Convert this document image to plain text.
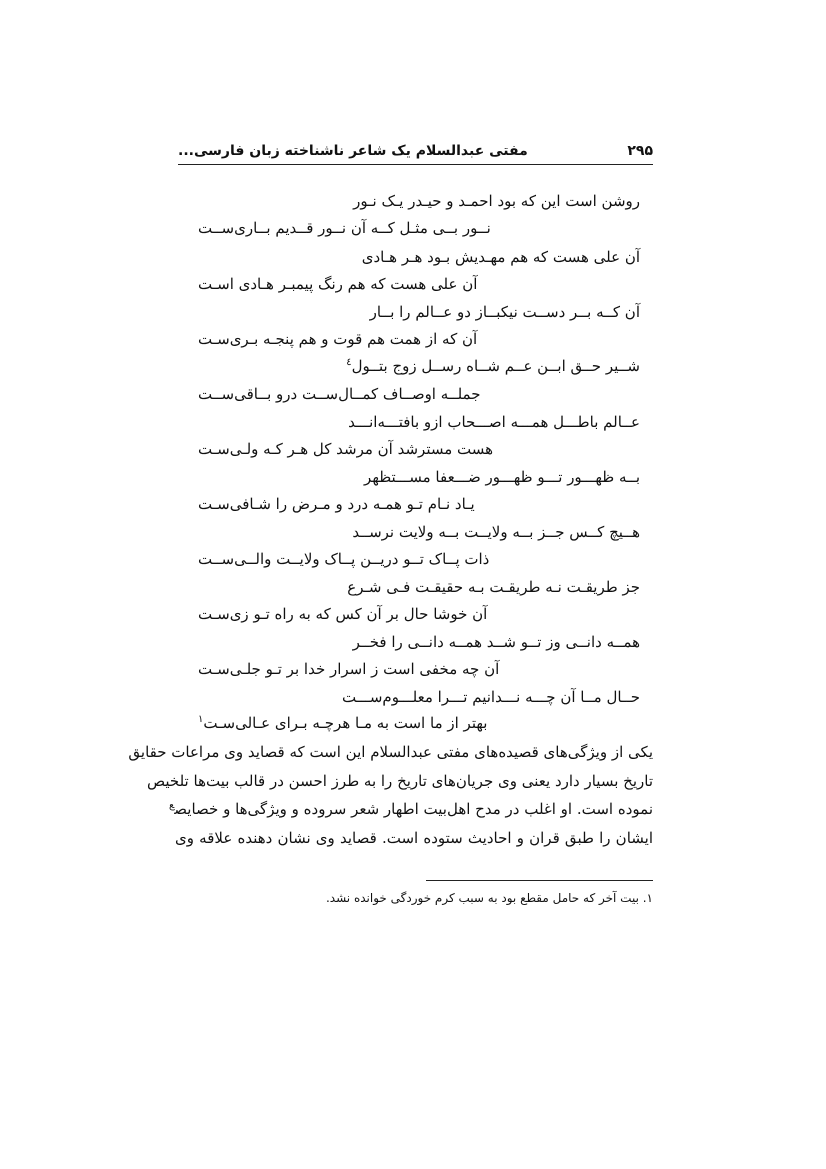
۲۹۵
مفتی عبدالسلام یک شاعر ناشناخته زبان فارسی...
روشن است این که بود احمـد و حیـدر یـک نـور
نــور بــی مثـل کــه آن نــور قــدیم بــاری‌ســت
آن علی هست که هم مهـدیش بـود هـر هـادی
آن علی هست که هم رنگ پیمبـر هـادی اسـت
آن کــه بــر دســت نیکبــاز دو عــالم را بــار
آن که از همت هم قوت و هم پنجـه بـری‌سـت
شــیر حــق ابــن عــم شــاه رســل زوج بتــول$^٤$
جملــه اوصــاف کمــال‌ســت درو بــاقی‌ســت
عــالم باطـــل همـــه اصـــحاب ازو بافتـــه‌انـــد
هست مسترشد آن مرشد کل هـر کـه ولـی‌سـت
بــه ظهـــور تـــو ظهـــور ضـــعفا مســـتظهر
یـاد نـام تـو همـه درد و مـرض را شـافی‌سـت
هــیچ کــس جــز بــه ولایــت بــه ولایت نرســد
ذات پــاک تــو دریــن پــاک ولایــت والــی‌ســت
جز طریقـت نـه طریقـت بـه حقیقـت فـی شـرع
آن خوشا حال بر آن کس که به راه تـو زی‌سـت
همــه دانــی وز تــو شــد همــه دانــی را فخــر
آن چه مخفی است ز اسرار خدا بر تـو جلـی‌سـت
حــال مــا آن چـــه نـــدانیم تـــرا معلـــوم‌ســـت
بهتر از ما است به مـا هرچـه بـرای عـالی‌سـت$^١$
یکی از ویژگی‌های قصیده‌های مفتی عبدالسلام این است که قصاید وی مراعات حقایق
تاریخ بسیار دارد یعنی وی جریان‌های تاریخ را به طرز احسن در قالب بیت‌ها تلخیص
نموده است. او اغلب در مدح اهل‌بیت اطهار شعر سروده و ویژگی‌ها و خصایص$^ع$
ایشان را طبق قران و احادیث ستوده است. قصاید وی نشان دهنده علاقه وی
۱. بیت آخر که حامل مقطع بود به سبب کرم خوردگی خوانده نشد.
